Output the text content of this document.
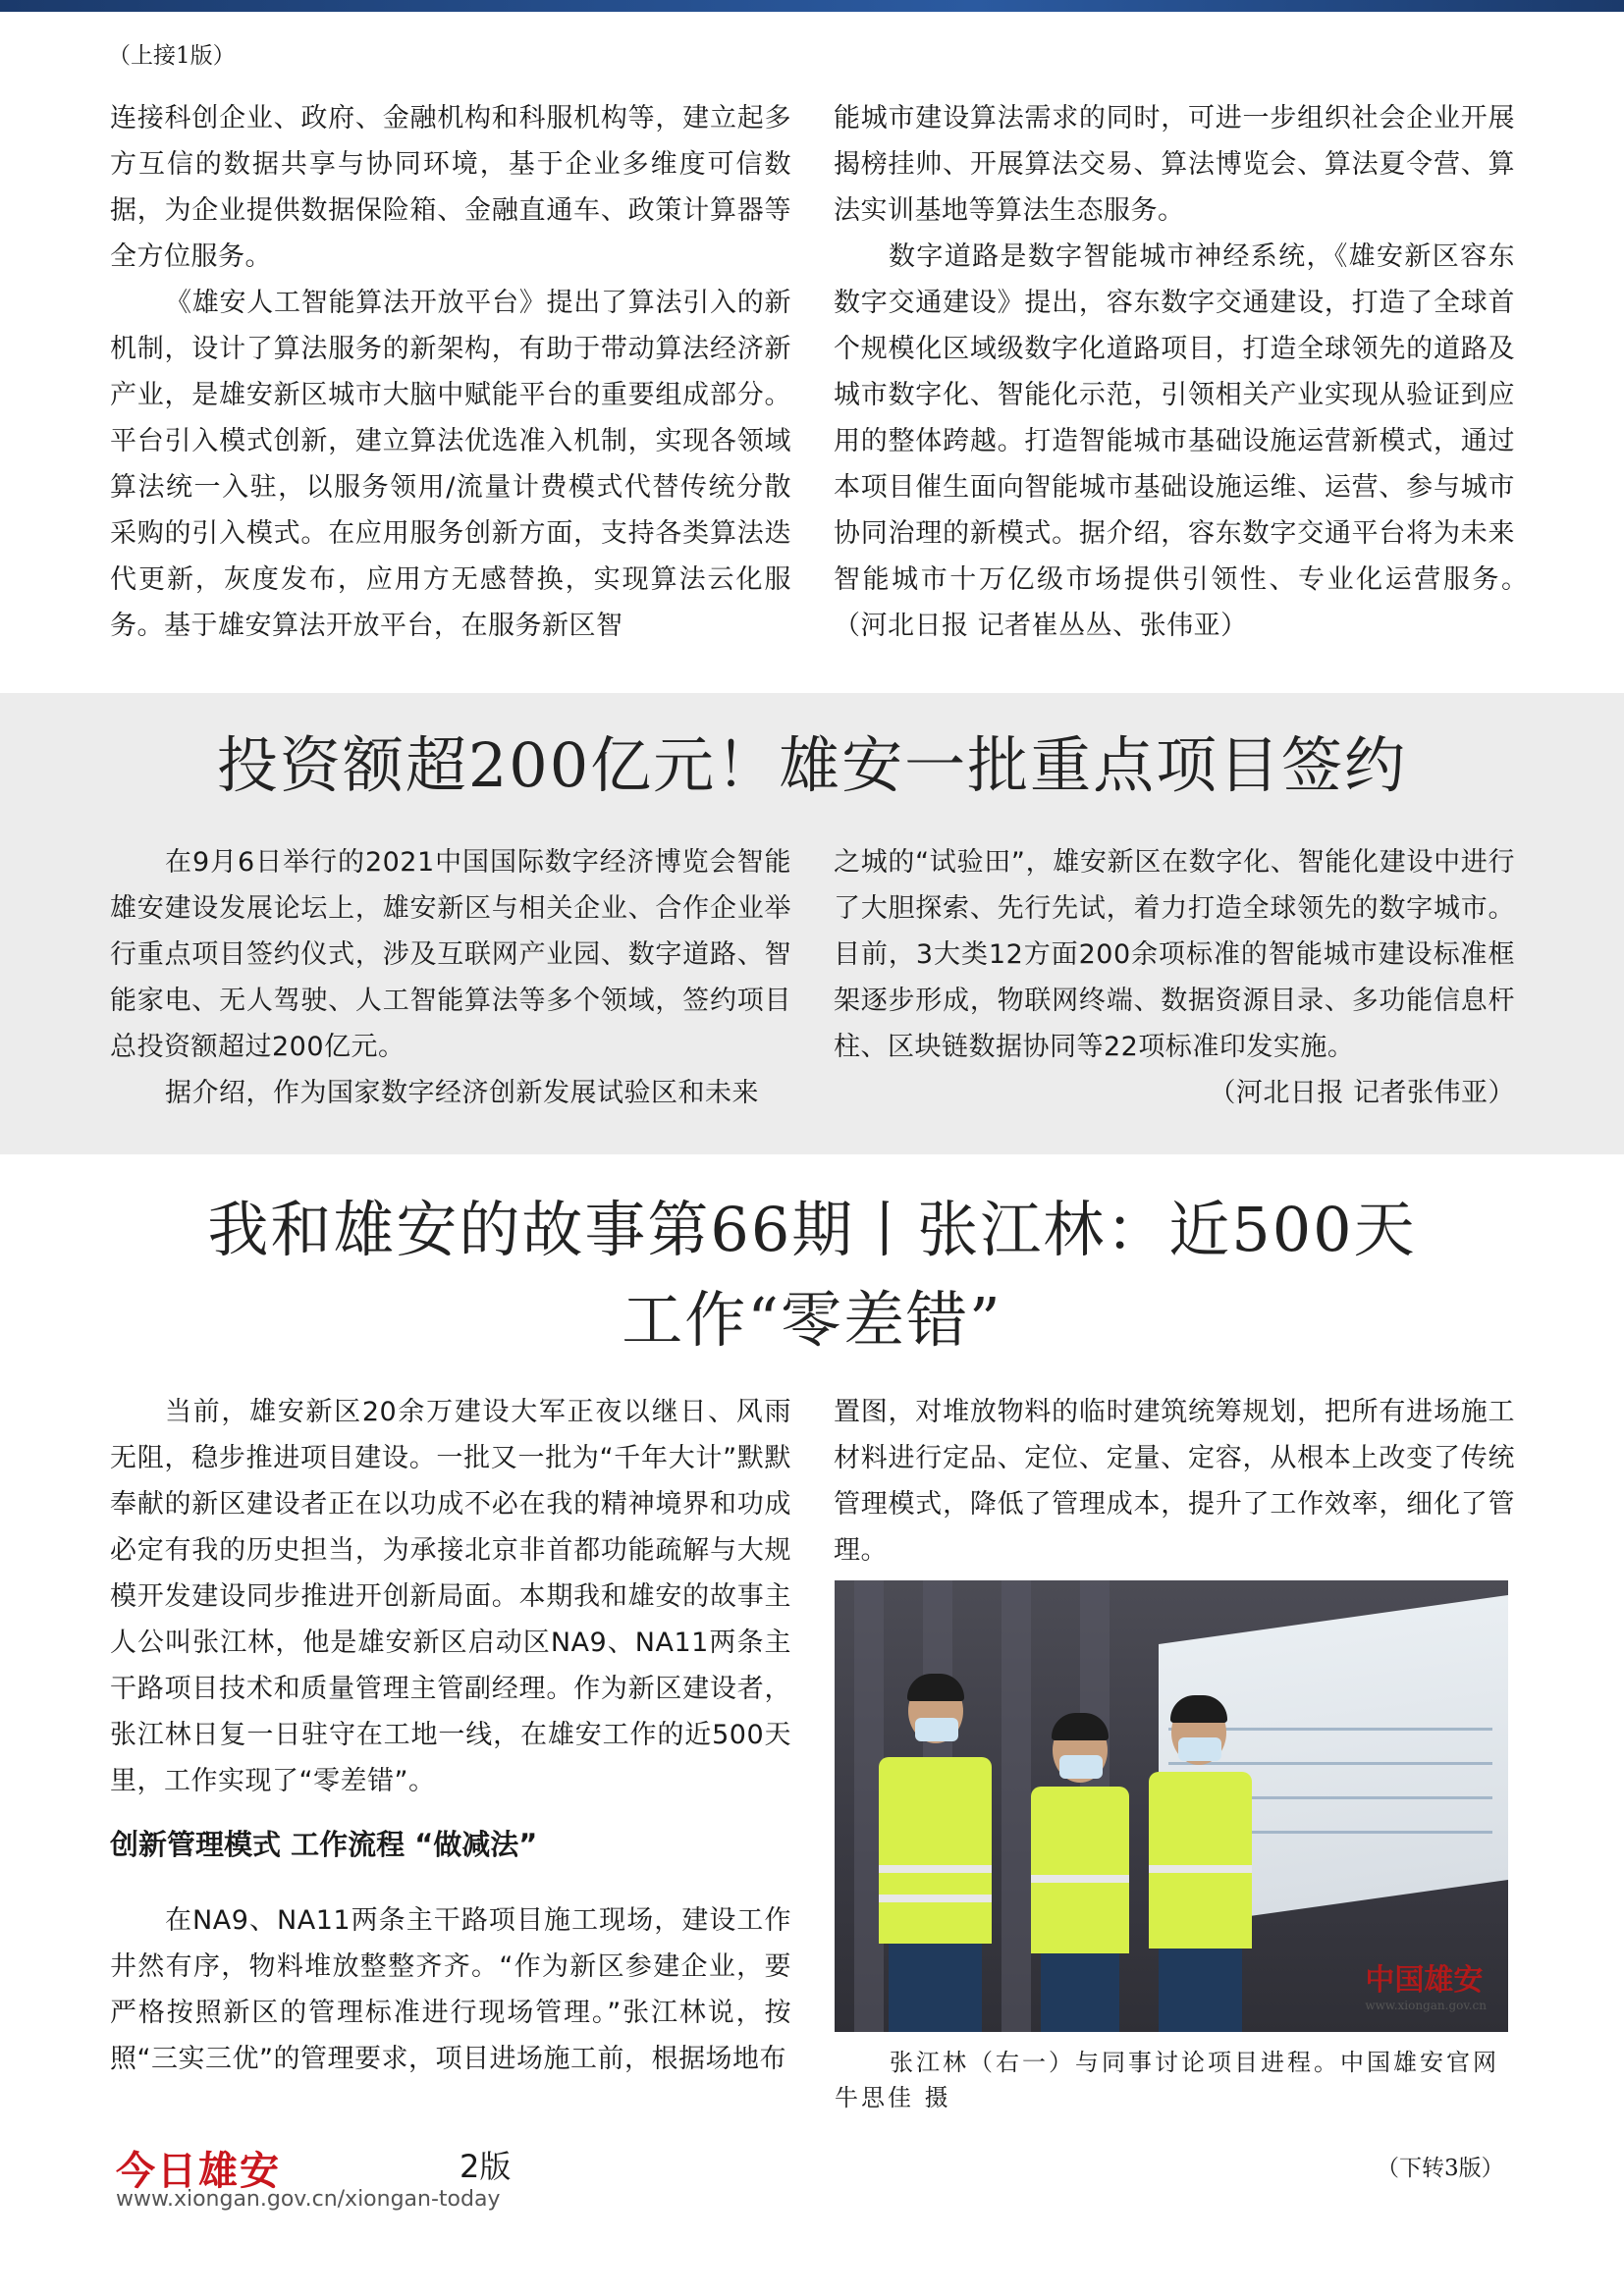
（上接1版）

连接科创企业、政府、金融机构和科服机构等，建立起多方互信的数据共享与协同环境，基于企业多维度可信数据，为企业提供数据保险箱、金融直通车、政策计算器等全方位服务。

《雄安人工智能算法开放平台》提出了算法引入的新机制，设计了算法服务的新架构，有助于带动算法经济新产业，是雄安新区城市大脑中赋能平台的重要组成部分。平台引入模式创新，建立算法优选准入机制，实现各领域算法统一入驻，以服务领用/流量计费模式代替传统分散采购的引入模式。在应用服务创新方面，支持各类算法迭代更新，灰度发布，应用方无感替换，实现算法云化服务。基于雄安算法开放平台，在服务新区智

能城市建设算法需求的同时，可进一步组织社会企业开展揭榜挂帅、开展算法交易、算法博览会、算法夏令营、算法实训基地等算法生态服务。

数字道路是数字智能城市神经系统，《雄安新区容东数字交通建设》提出，容东数字交通建设，打造了全球首个规模化区域级数字化道路项目，打造全球领先的道路及城市数字化、智能化示范，引领相关产业实现从验证到应用的整体跨越。打造智能城市基础设施运营新模式，通过本项目催生面向智能城市基础设施运维、运营、参与城市协同治理的新模式。据介绍，容东数字交通平台将为未来智能城市十万亿级市场提供引领性、专业化运营服务。　　（河北日报 记者崔丛丛、张伟亚）

投资额超200亿元！雄安一批重点项目签约

在9月6日举行的2021中国国际数字经济博览会智能雄安建设发展论坛上，雄安新区与相关企业、合作企业举行重点项目签约仪式，涉及互联网产业园、数字道路、智能家电、无人驾驶、人工智能算法等多个领域，签约项目总投资额超过200亿元。

据介绍，作为国家数字经济创新发展试验区和未来

之城的“试验田”，雄安新区在数字化、智能化建设中进行了大胆探索、先行先试，着力打造全球领先的数字城市。目前，3大类12方面200余项标准的智能城市建设标准框架逐步形成，物联网终端、数据资源目录、多功能信息杆柱、区块链数据协同等22项标准印发实施。

（河北日报 记者张伟亚）

我和雄安的故事第66期丨张江林：近500天
工作“零差错”

当前，雄安新区20余万建设大军正夜以继日、风雨无阻，稳步推进项目建设。一批又一批为“千年大计”默默奉献的新区建设者正在以功成不必在我的精神境界和功成必定有我的历史担当，为承接北京非首都功能疏解与大规模开发建设同步推进开创新局面。本期我和雄安的故事主人公叫张江林，他是雄安新区启动区NA9、NA11两条主干路项目技术和质量管理主管副经理。作为新区建设者，张江林日复一日驻守在工地一线，在雄安工作的近500天里，工作实现了“零差错”。

创新管理模式 工作流程 “做减法”

在NA9、NA11两条主干路项目施工现场，建设工作井然有序，物料堆放整整齐齐。“作为新区参建企业，要严格按照新区的管理标准进行现场管理。”张江林说，按照“三实三优”的管理要求，项目进场施工前，根据场地布

置图，对堆放物料的临时建筑统筹规划，把所有进场施工材料进行定品、定位、定量、定容，从根本上改变了传统管理模式，降低了管理成本，提升了工作效率，细化了管理。

中国雄安
www.xiongan.gov.cn
张江林（右一）与同事讨论项目进程。中国雄安官网牛思佳 摄
今日雄安	2版
www.xiongan.gov.cn/xiongan-today
（下转3版）
